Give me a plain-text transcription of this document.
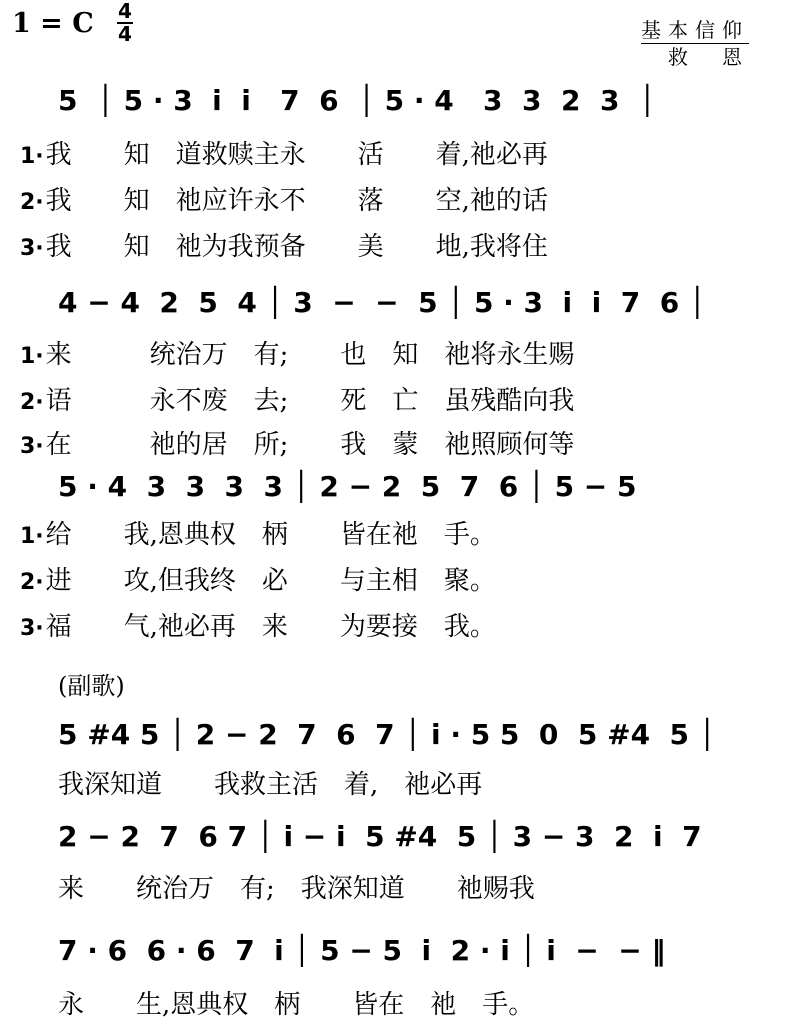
1 = C 4
4	基本信仰
救　恩
5  │ 5 · 3  i  i   7  6  │ 5 · 4   3  3  2  3  │
1·我　　知　道救赎主永　　活　　着,祂必再
2·我　　知　祂应许永不　　落　　空,祂的话
3·我　　知　祂为我预备　　美　　地,我将住
4 − 4  2  5  4 │ 3  −  −  5 │ 5 · 3  i  i  7  6 │
1·来　　　统治万　有;　　也　知　祂将永生赐
2·语　　　永不废　去;　　死　亡　虽残酷向我
3·在　　　祂的居　所;　　我　蒙　祂照顾何等
5 · 4  3  3  3  3 │ 2 − 2  5  7  6 │ 5 − 5
1·给　　我,恩典权　柄　　皆在祂　手。
2·进　　攻,但我终　必　　与主相　聚。
3·福　　气,祂必再　来　　为要接　我。
(副歌)
5 #4 5 │ 2 − 2  7  6  7 │ i · 5 5  0  5 #4  5 │
我深知道　　我救主活　着,　祂必再
2 − 2  7  6 7 │ i − i  5 #4  5 │ 3 − 3  2  i  7
来　　统治万　有;　我深知道　　祂赐我
7 · 6  6 · 6  7  i │ 5 − 5  i  2 · i │ i  −  − ‖
永　　生,恩典权　柄　　皆在　祂　手。
